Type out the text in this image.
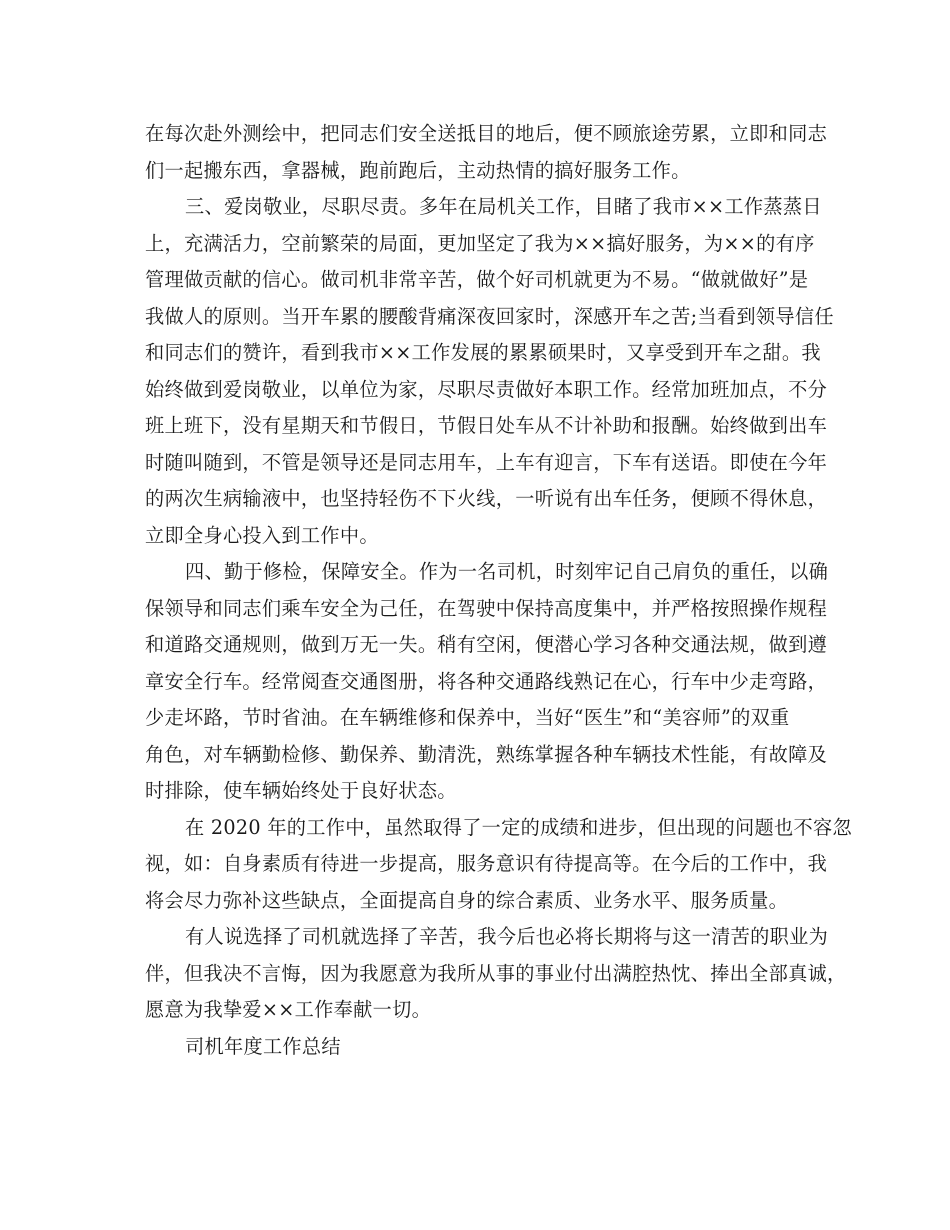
在每次赴外测绘中，把同志们安全送抵目的地后，便不顾旅途劳累，立即和同志
们一起搬东西，拿器械，跑前跑后，主动热情的搞好服务工作。
三、爱岗敬业，尽职尽责。多年在局机关工作，目睹了我市××工作蒸蒸日
上，充满活力，空前繁荣的局面，更加坚定了我为××搞好服务，为××的有序
管理做贡献的信心。做司机非常辛苦，做个好司机就更为不易。“做就做好”是
我做人的原则。当开车累的腰酸背痛深夜回家时，深感开车之苦;当看到领导信任
和同志们的赞许，看到我市××工作发展的累累硕果时，又享受到开车之甜。我
始终做到爱岗敬业，以单位为家，尽职尽责做好本职工作。经常加班加点，不分
班上班下，没有星期天和节假日，节假日处车从不计补助和报酬。始终做到出车
时随叫随到，不管是领导还是同志用车，上车有迎言，下车有送语。即使在今年
的两次生病输液中，也坚持轻伤不下火线，一听说有出车任务，便顾不得休息，
立即全身心投入到工作中。
四、勤于修检，保障安全。作为一名司机，时刻牢记自己肩负的重任，以确
保领导和同志们乘车安全为己任，在驾驶中保持高度集中，并严格按照操作规程
和道路交通规则，做到万无一失。稍有空闲，便潜心学习各种交通法规，做到遵
章安全行车。经常阅查交通图册，将各种交通路线熟记在心，行车中少走弯路，
少走坏路，节时省油。在车辆维修和保养中，当好“医生”和“美容师”的双重
角色，对车辆勤检修、勤保养、勤清洗，熟练掌握各种车辆技术性能，有故障及
时排除，使车辆始终处于良好状态。
在 2020 年的工作中，虽然取得了一定的成绩和进步，但出现的问题也不容忽
视，如：自身素质有待进一步提高，服务意识有待提高等。在今后的工作中，我
将会尽力弥补这些缺点，全面提高自身的综合素质、业务水平、服务质量。
有人说选择了司机就选择了辛苦，我今后也必将长期将与这一清苦的职业为
伴，但我决不言悔，因为我愿意为我所从事的事业付出满腔热忱、捧出全部真诚，
愿意为我挚爱××工作奉献一切。
司机年度工作总结
